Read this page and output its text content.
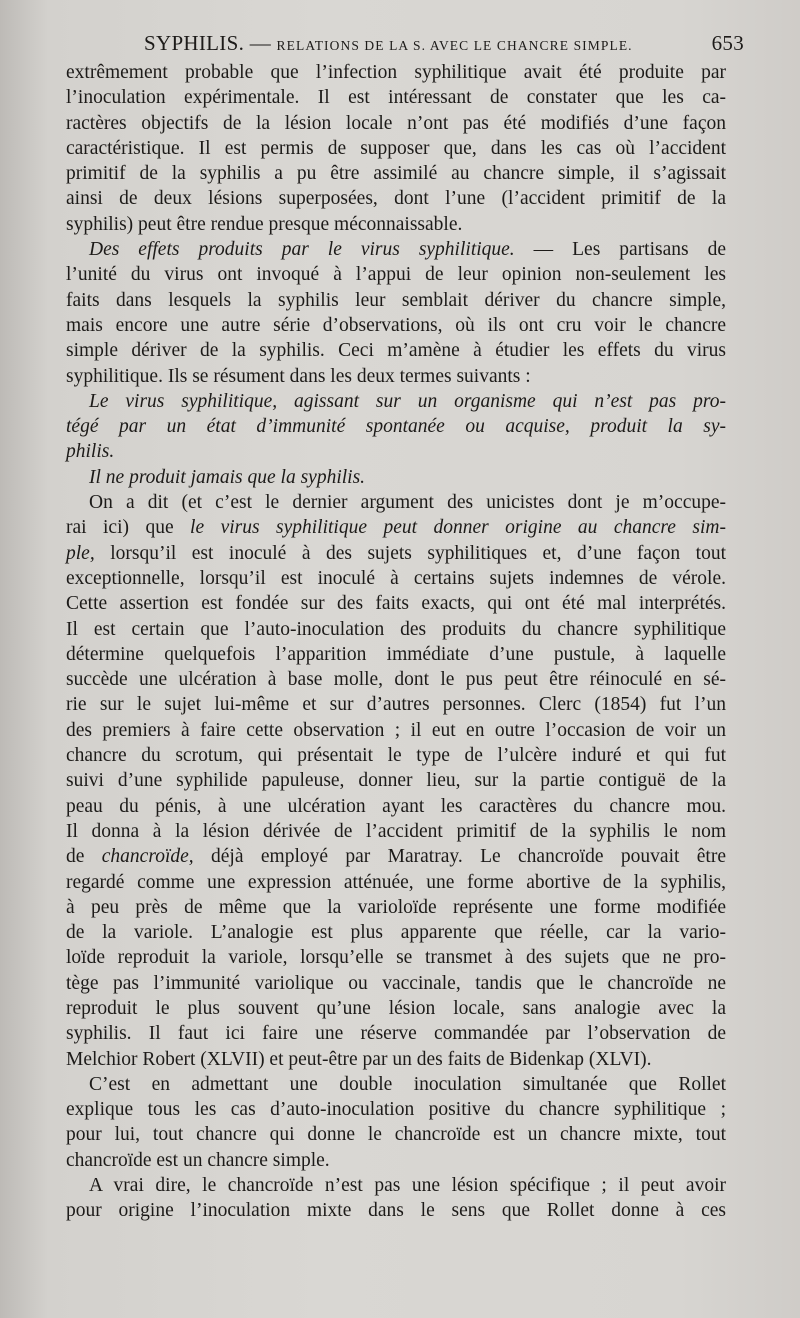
SYPHILIS. — RELATIONS DE LA S. AVEC LE CHANCRE SIMPLE.	653
extrêmement probable que l’infection syphilitique avait été produite par
l’inoculation expérimentale. Il est intéressant de constater que les ca-
ractères objectifs de la lésion locale n’ont pas été modifiés d’une façon
caractéristique. Il est permis de supposer que, dans les cas où l’accident
primitif de la syphilis a pu être assimilé au chancre simple, il s’agissait
ainsi de deux lésions superposées, dont l’une (l’accident primitif de la
syphilis) peut être rendue presque méconnaissable.
Des effets produits par le virus syphilitique. — Les partisans de
l’unité du virus ont invoqué à l’appui de leur opinion non-seulement les
faits dans lesquels la syphilis leur semblait dériver du chancre simple,
mais encore une autre série d’observations, où ils ont cru voir le chancre
simple dériver de la syphilis. Ceci m’amène à étudier les effets du virus
syphilitique. Ils se résument dans les deux termes suivants :
Le virus syphilitique, agissant sur un organisme qui n’est pas pro-
tégé par un état d’immunité spontanée ou acquise, produit la sy-
philis.
Il ne produit jamais que la syphilis.
On a dit (et c’est le dernier argument des unicistes dont je m’occupe-
rai ici) que le virus syphilitique peut donner origine au chancre sim-
ple, lorsqu’il est inoculé à des sujets syphilitiques et, d’une façon tout
exceptionnelle, lorsqu’il est inoculé à certains sujets indemnes de vérole.
Cette assertion est fondée sur des faits exacts, qui ont été mal interprétés.
Il est certain que l’auto-inoculation des produits du chancre syphilitique
détermine quelquefois l’apparition immédiate d’une pustule, à laquelle
succède une ulcération à base molle, dont le pus peut être réinoculé en sé-
rie sur le sujet lui-même et sur d’autres personnes. Clerc (1854) fut l’un
des premiers à faire cette observation ; il eut en outre l’occasion de voir un
chancre du scrotum, qui présentait le type de l’ulcère induré et qui fut
suivi d’une syphilide papuleuse, donner lieu, sur la partie contiguë de la
peau du pénis, à une ulcération ayant les caractères du chancre mou.
Il donna à la lésion dérivée de l’accident primitif de la syphilis le nom
de chancroïde, déjà employé par Maratray. Le chancroïde pouvait être
regardé comme une expression atténuée, une forme abortive de la syphilis,
à peu près de même que la varioloïde représente une forme modifiée
de la variole. L’analogie est plus apparente que réelle, car la vario-
loïde reproduit la variole, lorsqu’elle se transmet à des sujets que ne pro-
tège pas l’immunité variolique ou vaccinale, tandis que le chancroïde ne
reproduit le plus souvent qu’une lésion locale, sans analogie avec la
syphilis. Il faut ici faire une réserve commandée par l’observation de
Melchior Robert (XLVII) et peut-être par un des faits de Bidenkap (XLVI).
C’est en admettant une double inoculation simultanée que Rollet
explique tous les cas d’auto-inoculation positive du chancre syphilitique ;
pour lui, tout chancre qui donne le chancroïde est un chancre mixte, tout
chancroïde est un chancre simple.
A vrai dire, le chancroïde n’est pas une lésion spécifique ; il peut avoir
pour origine l’inoculation mixte dans le sens que Rollet donne à ces
